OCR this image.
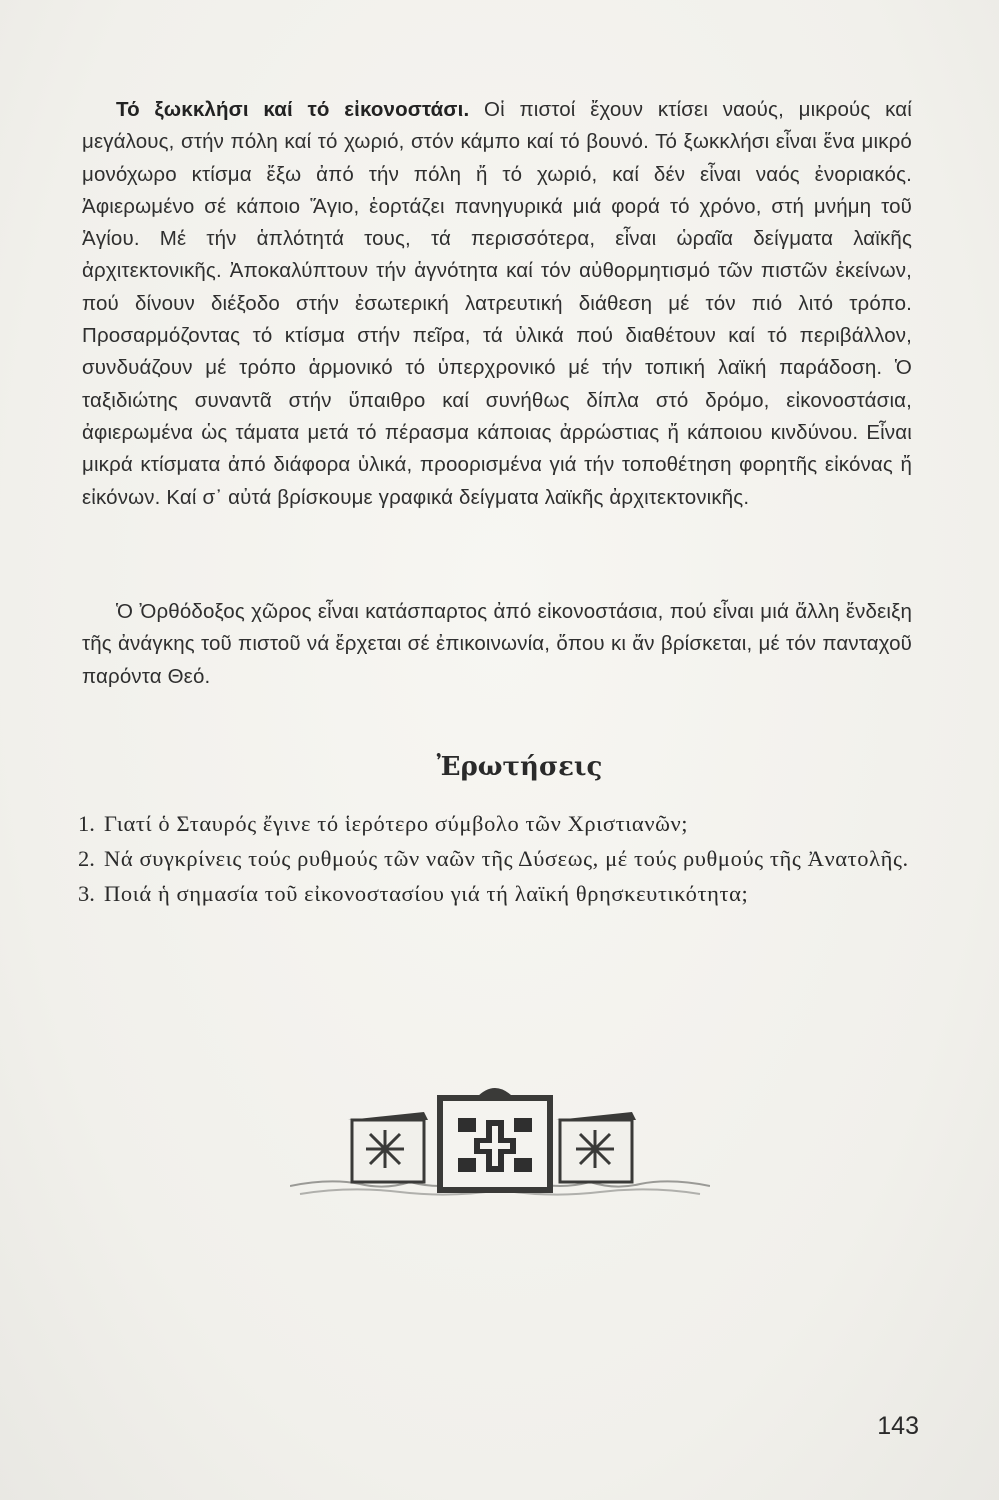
Τό ξωκκλήσι καί τό εἰκονοστάσι. Οἱ πιστοί ἔχουν κτίσει ναούς, μικρούς καί μεγάλους, στήν πόλη καί τό χωριό, στόν κάμπο καί τό βουνό. Τό ξωκκλήσι εἶναι ἕνα μικρό μονόχωρο κτίσμα ἔξω ἀπό τήν πόλη ἤ τό χωριό, καί δέν εἶναι ναός ἐνοριακός. Ἀφιερωμένο σέ κάποιο Ἅγιο, ἑορτάζει πανηγυρικά μιά φορά τό χρόνο, στή μνήμη τοῦ Ἁγίου. Μέ τήν ἁπλότητά τους, τά περισσότερα, εἶναι ὡραῖα δείγματα λαϊκῆς ἀρχιτεκτονικῆς. Ἀποκαλύπτουν τήν ἁγνότητα καί τόν αὐθορμητισμό τῶν πιστῶν ἐκείνων, πού δίνουν διέξοδο στήν ἐσωτερική λατρευτική διάθεση μέ τόν πιό λιτό τρόπο. Προσαρμόζοντας τό κτίσμα στήν πεῖρα, τά ὑλικά πού διαθέτουν καί τό περιβάλλον, συνδυάζουν μέ τρόπο ἁρμονικό τό ὑπερχρονικό μέ τήν τοπική λαϊκή παράδοση. Ὁ ταξιδιώτης συναντᾶ στήν ὕπαιθρο καί συνήθως δίπλα στό δρόμο, εἰκονοστάσια, ἀφιερωμένα ὡς τάματα μετά τό πέρασμα κάποιας ἀρρώστιας ἤ κάποιου κινδύνου. Εἶναι μικρά κτίσματα ἀπό διάφορα ὑλικά, προορισμένα γιά τήν τοποθέτηση φορητῆς εἰκόνας ἤ εἰκόνων. Καί σ᾿ αὐτά βρίσκουμε γραφικά δείγματα λαϊκῆς ἀρχιτεκτονικῆς.

Ὁ Ὀρθόδοξος χῶρος εἶναι κατάσπαρτος ἀπό εἰκονοστάσια, πού εἶναι μιά ἄλλη ἔνδειξη τῆς ἀνάγκης τοῦ πιστοῦ νά ἔρχεται σέ ἐπικοινωνία, ὅπου κι ἄν βρίσκεται, μέ τόν πανταχοῦ παρόντα Θεό.

Ἐρωτήσεις
1. Γιατί ὁ Σταυρός ἔγινε τό ἱερότερο σύμβολο τῶν Χριστιανῶν;
2. Νά συγκρίνεις τούς ρυθμούς τῶν ναῶν τῆς Δύσεως, μέ τούς ρυθμούς τῆς Ἀνατολῆς.
3. Ποιά ἡ σημασία τοῦ εἰκονοστασίου γιά τή λαϊκή θρησκευτικότητα;
143
